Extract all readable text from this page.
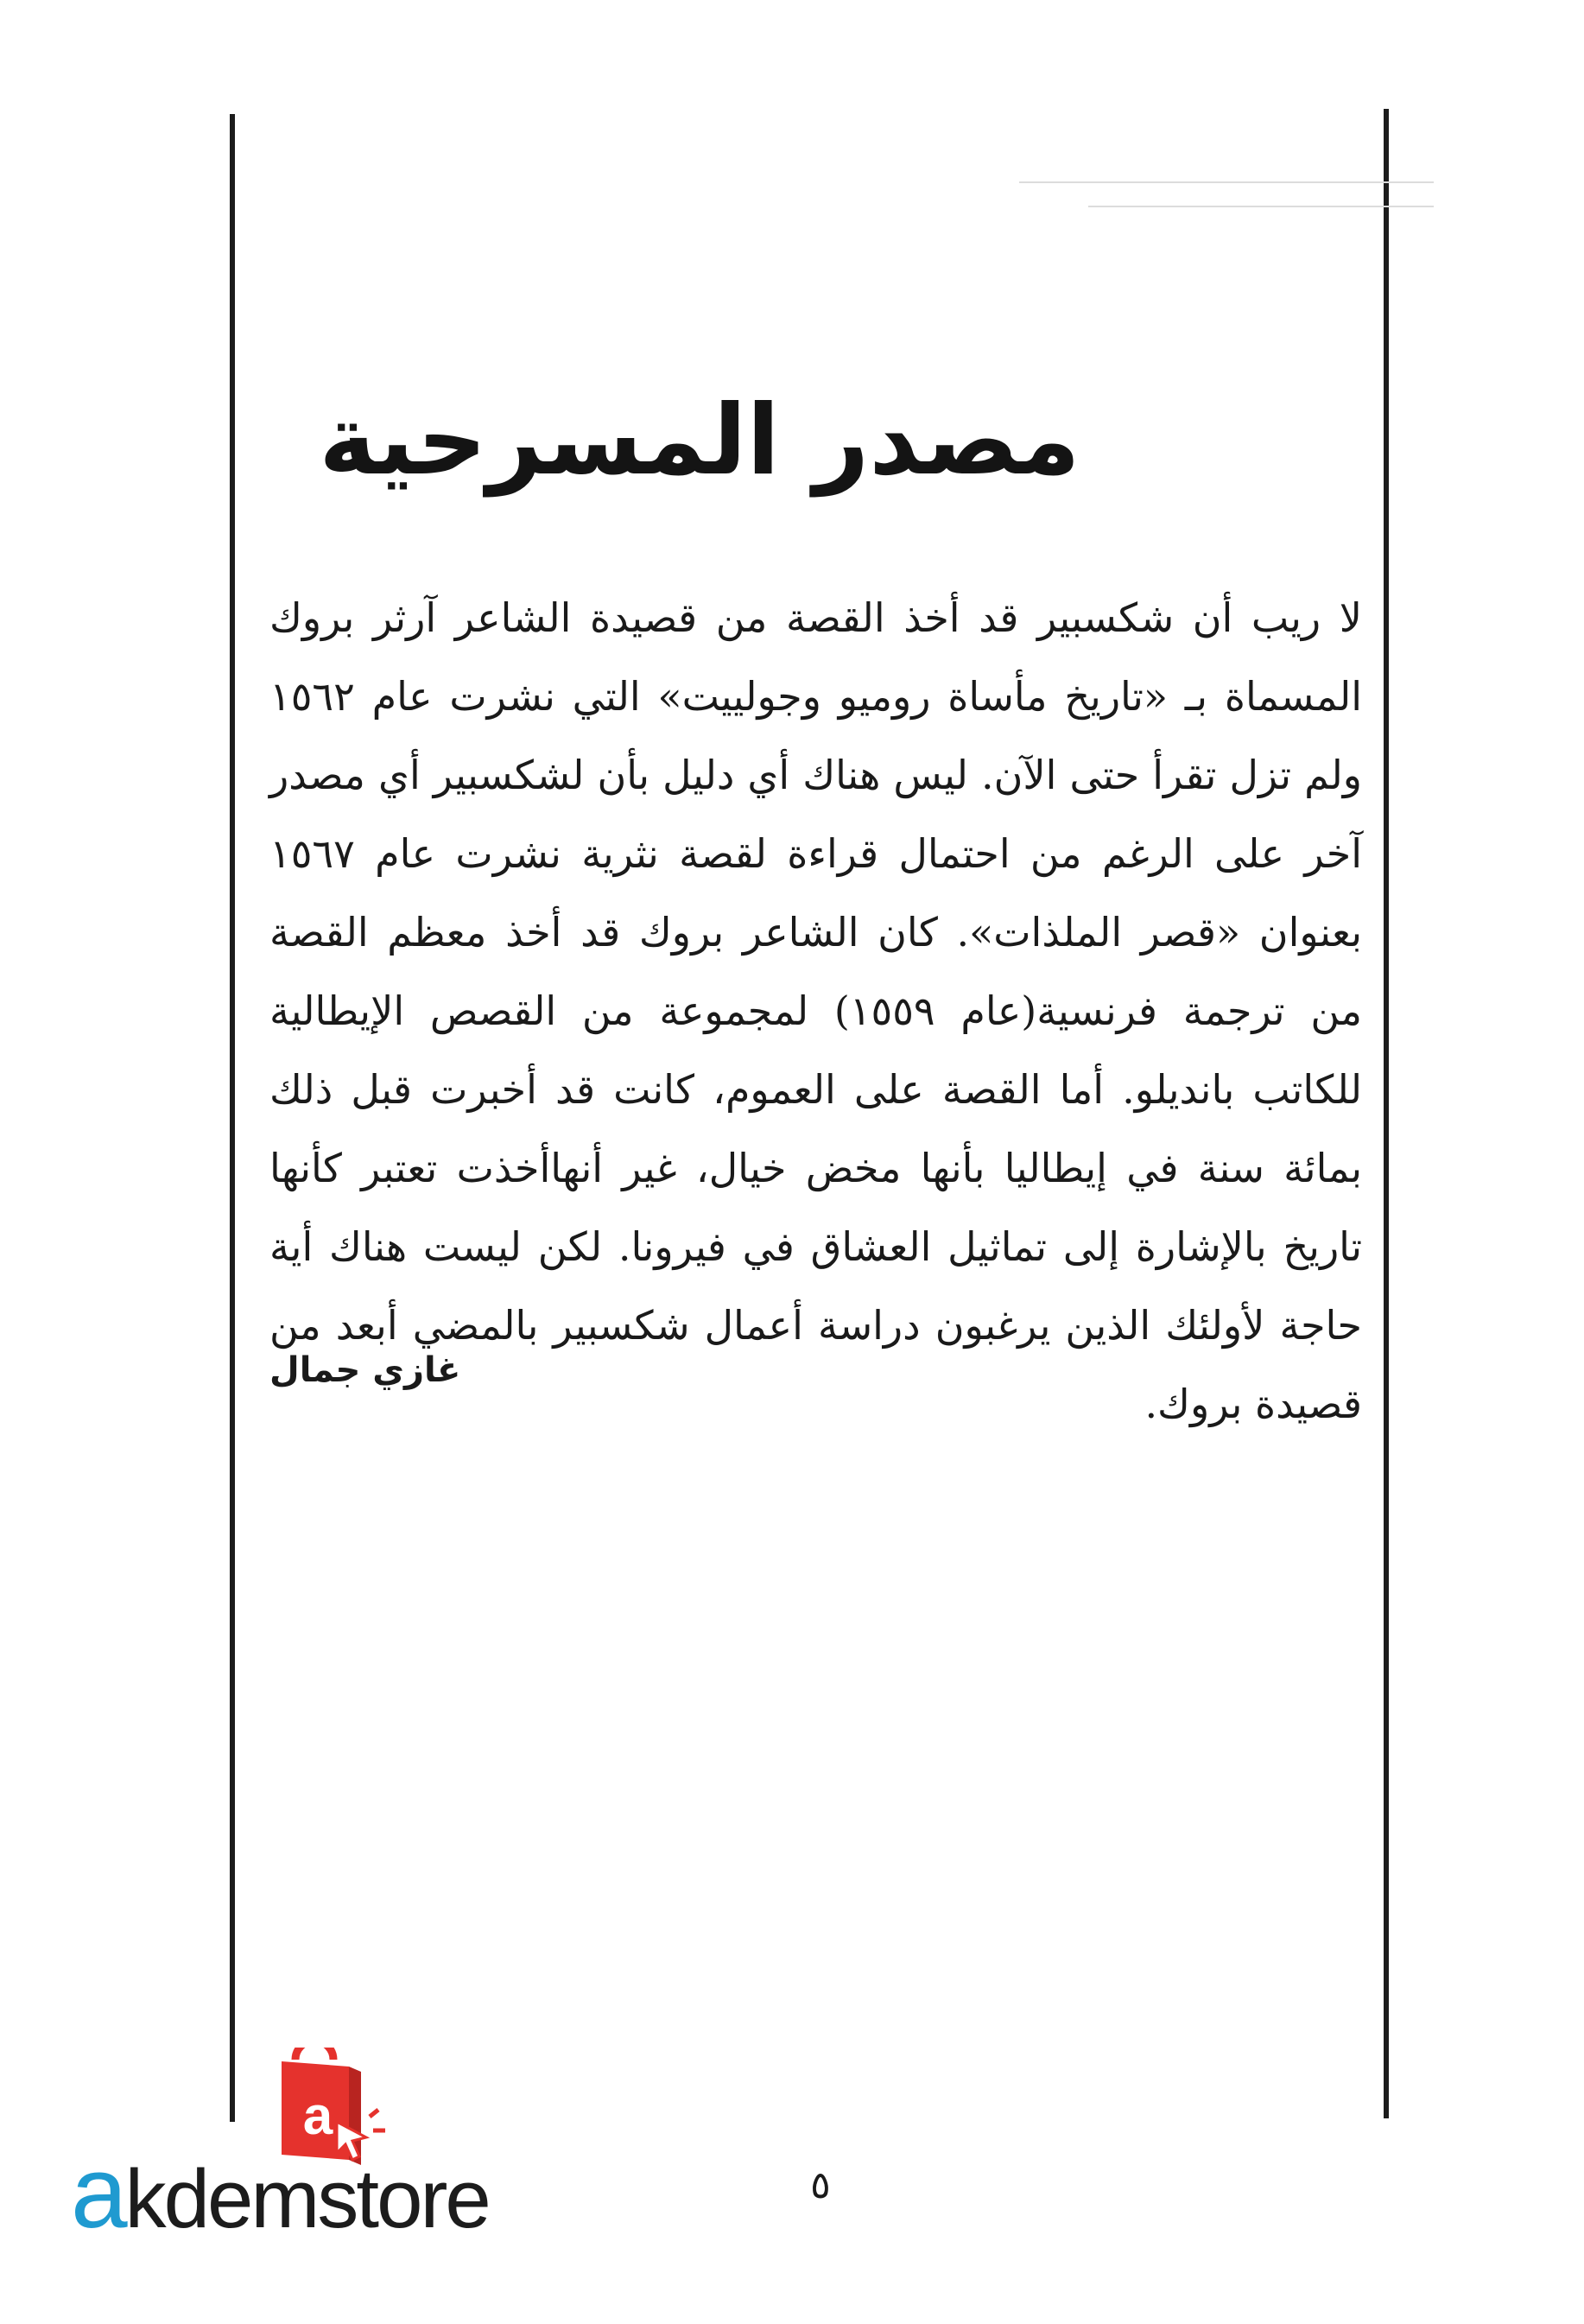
مصدر المسرحية
لا ريب أن شكسبير قد أخذ القصة من قصيدة الشاعر آرثر بروك المسماة بـ «تاريخ مأساة روميو وجولييت» التي نشرت عام ١٥٦٢ ولم تزل تقرأ حتى الآن. ليس هناك أي دليل بأن لشكسبير أي مصدر آخر على الرغم من احتمال قراءة لقصة نثرية نشرت عام ١٥٦٧ بعنوان «قصر الملذات». كان الشاعر بروك قد أخذ معظم القصة من ترجمة فرنسية(عام ١٥٥٩) لمجموعة من القصص الإيطالية للكاتب باندیلو. أما القصة على العموم، كانت قد أخبرت قبل ذلك بمائة سنة في إيطاليا بأنها مخض خيال، غير أنهاأخذت تعتبر كأنها تاريخ بالإشارة إلى تماثيل العشاق في فيرونا. لكن ليست هناك أية حاجة لأولئك الذين يرغبون دراسة أعمال شكسبير بالمضي أبعد من قصيدة بروك.
غازي جمال
٥
a
akdemstore
